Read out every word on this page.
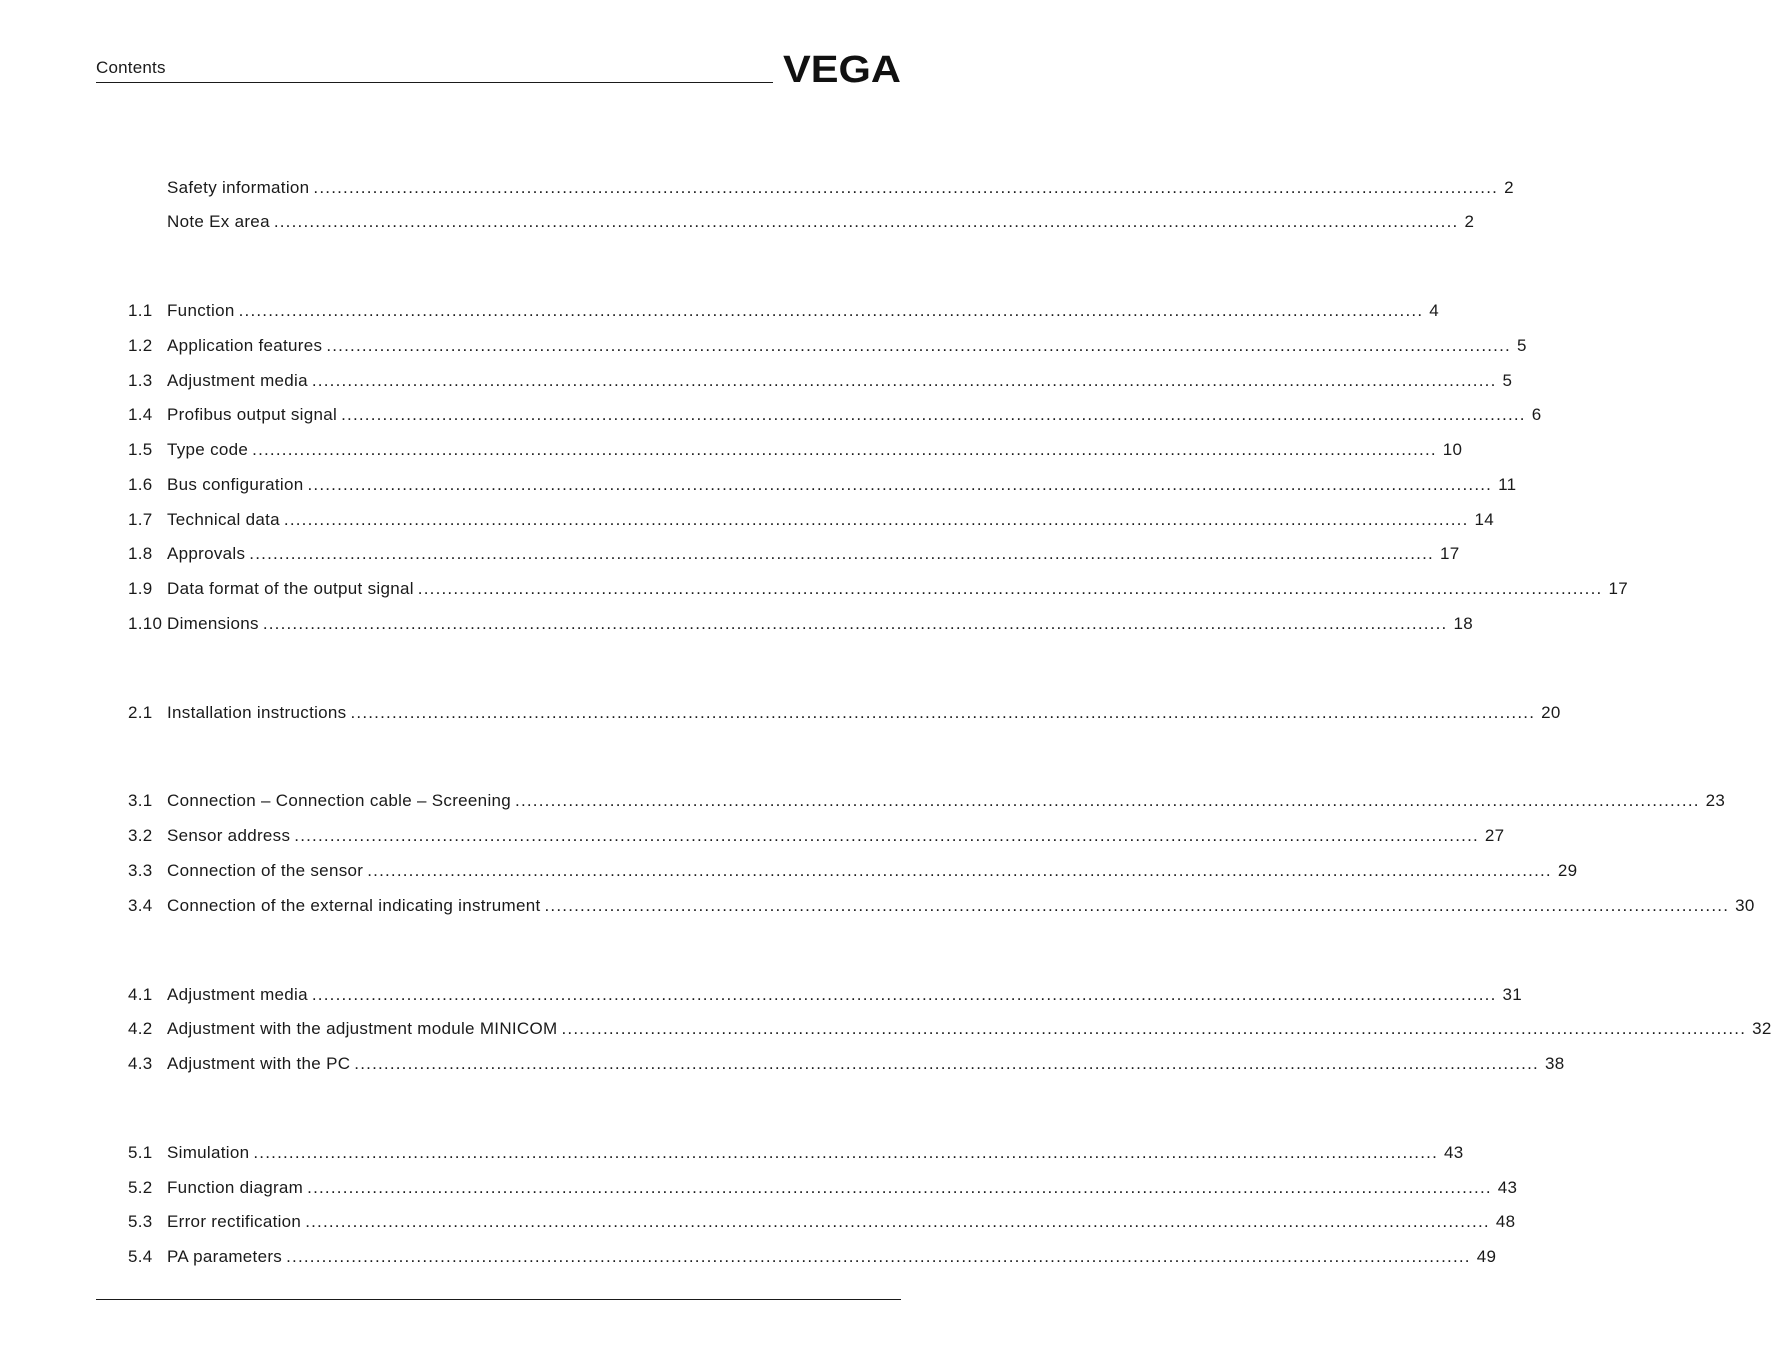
Contents	VEGA
Safety information ........................................................................................................................................................................................................ 2
Note Ex area ........................................................................................................................................................................................................ 2
1.1 Function ........................................................................................................................................................................................................ 4
1.2 Application features ........................................................................................................................................................................................................ 5
1.3 Adjustment media ........................................................................................................................................................................................................ 5
1.4 Profibus output signal ........................................................................................................................................................................................................ 6
1.5 Type code ........................................................................................................................................................................................................ 10
1.6 Bus configuration ........................................................................................................................................................................................................ 11
1.7 Technical data ........................................................................................................................................................................................................ 14
1.8 Approvals ........................................................................................................................................................................................................ 17
1.9 Data format of the output signal ........................................................................................................................................................................................................ 17
1.10 Dimensions ........................................................................................................................................................................................................ 18
2.1 Installation instructions ........................................................................................................................................................................................................ 20
3.1 Connection – Connection cable – Screening ........................................................................................................................................................................................................ 23
3.2 Sensor address ........................................................................................................................................................................................................ 27
3.3 Connection of the sensor ........................................................................................................................................................................................................ 29
3.4 Connection of the external indicating instrument ........................................................................................................................................................................................................ 30
4.1 Adjustment media ........................................................................................................................................................................................................ 31
4.2 Adjustment with the adjustment module MINICOM ........................................................................................................................................................................................................ 32
4.3 Adjustment with the PC ........................................................................................................................................................................................................ 38
5.1 Simulation ........................................................................................................................................................................................................ 43
5.2 Function diagram ........................................................................................................................................................................................................ 43
5.3 Error rectification ........................................................................................................................................................................................................ 48
5.4 PA parameters ........................................................................................................................................................................................................ 49
